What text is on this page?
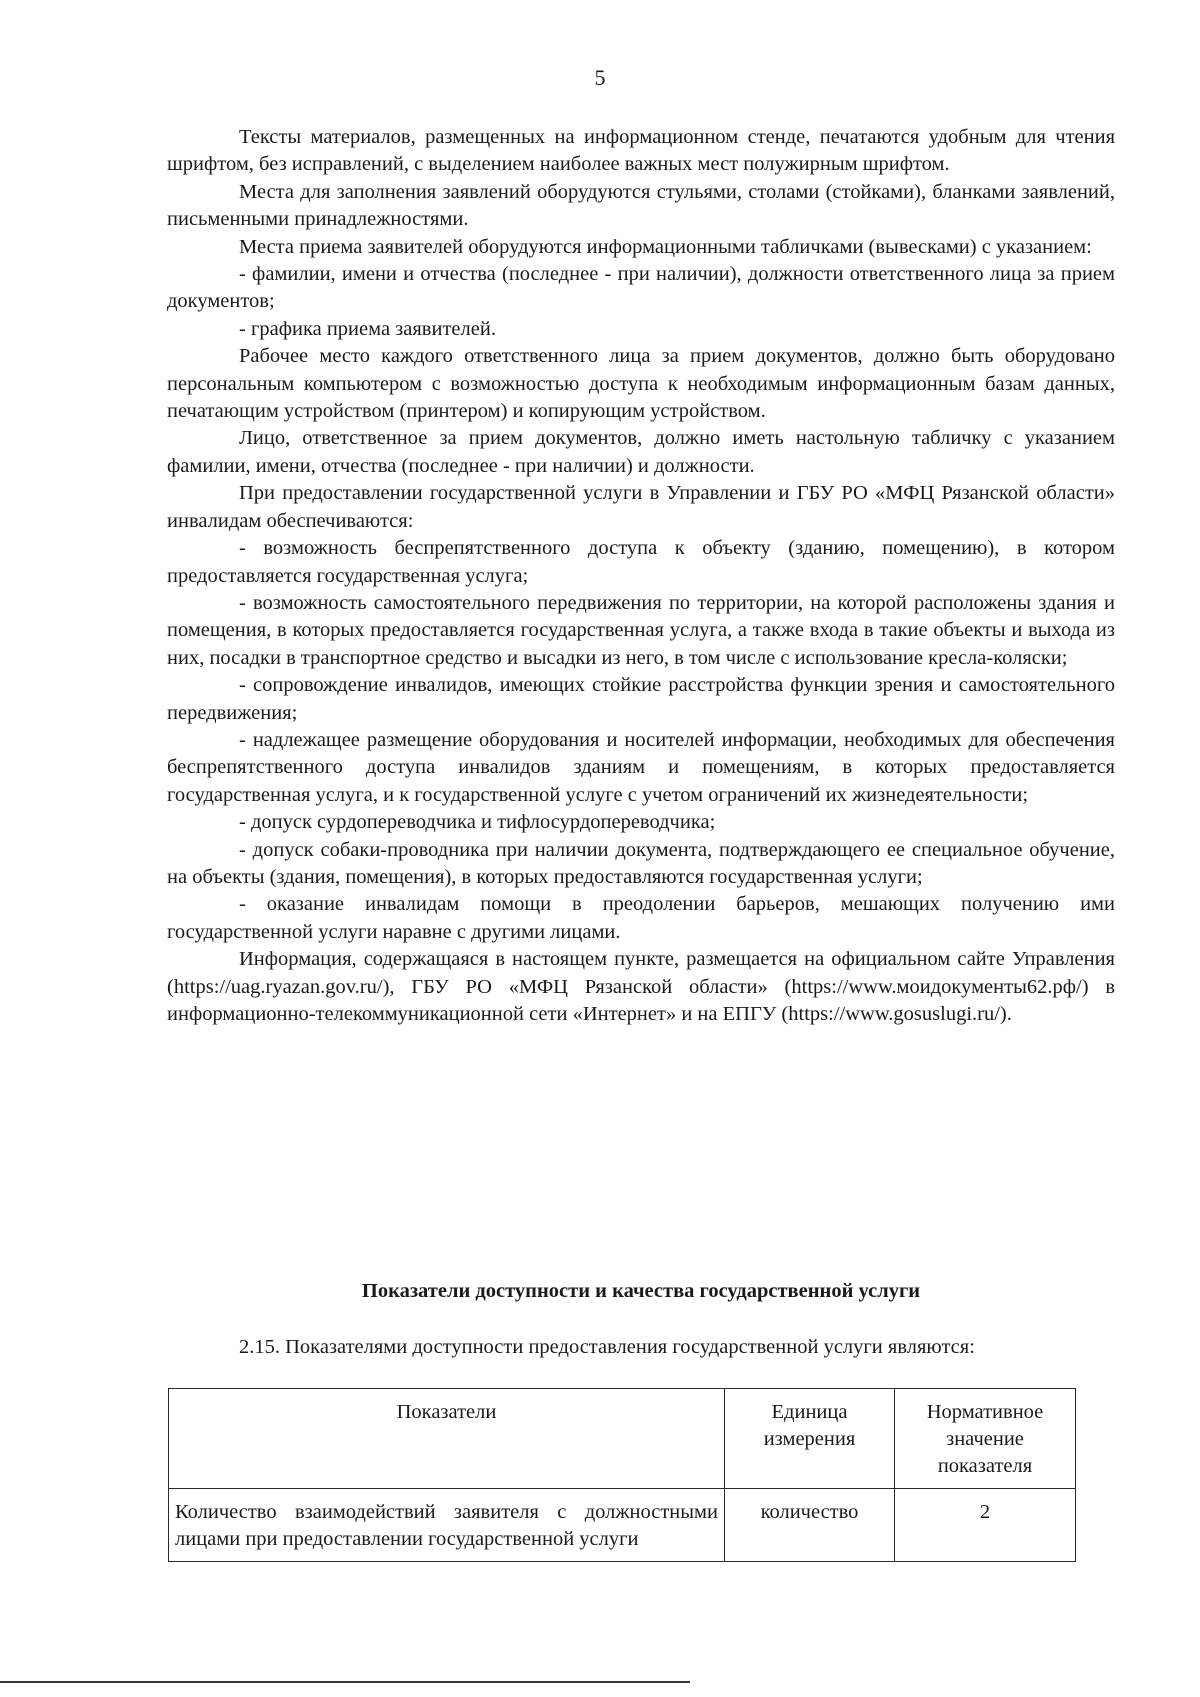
5

Тексты материалов, размещенных на информационном стенде, печатаются удобным для чтения шрифтом, без исправлений, с выделением наиболее важных мест полужирным шрифтом.

Места для заполнения заявлений оборудуются стульями, столами (стойками), бланками заявлений, письменными принадлежностями.

Места приема заявителей оборудуются информационными табличками (вывесками) с указанием:

- фамилии, имени и отчества (последнее - при наличии), должности ответственного лица за прием документов;

- графика приема заявителей.

Рабочее место каждого ответственного лица за прием документов, должно быть оборудовано персональным компьютером с возможностью доступа к необходимым информационным базам данных, печатающим устройством (принтером) и копирующим устройством.

Лицо, ответственное за прием документов, должно иметь настольную табличку с указанием фамилии, имени, отчества (последнее - при наличии) и должности.

При предоставлении государственной услуги в Управлении и ГБУ РО «МФЦ Рязанской области» инвалидам обеспечиваются:

- возможность беспрепятственного доступа к объекту (зданию, помещению), в котором предоставляется государственная услуга;

- возможность самостоятельного передвижения по территории, на которой расположены здания и помещения, в которых предоставляется государственная услуга, а также входа в такие объекты и выхода из них, посадки в транспортное средство и высадки из него, в том числе с использование кресла-коляски;

- сопровождение инвалидов, имеющих стойкие расстройства функции зрения и самостоятельного передвижения;

- надлежащее размещение оборудования и носителей информации, необходимых для обеспечения беспрепятственного доступа инвалидов зданиям и помещениям, в которых предоставляется государственная услуга, и к государственной услуге с учетом ограничений их жизнедеятельности;

- допуск сурдопереводчика и тифлосурдопереводчика;

- допуск собаки-проводника при наличии документа, подтверждающего ее специальное обучение, на объекты (здания, помещения), в которых предоставляются государственная услуги;

- оказание инвалидам помощи в преодолении барьеров, мешающих получению ими государственной услуги наравне с другими лицами.

Информация, содержащаяся в настоящем пункте, размещается на официальном сайте Управления (https://uag.ryazan.gov.ru/), ГБУ РО «МФЦ Рязанской области» (https://www.моидокументы62.рф/) в информационно-телекоммуникационной сети «Интернет» и на ЕПГУ (https://www.gosuslugi.ru/).

Показатели доступности и качества государственной услуги
2.15. Показателями доступности предоставления государственной услуги являются:
Показатели	Единица измерения	Нормативное значение показателя
Количество взаимодействий заявителя с должностными лицами при предоставлении государственной услуги	количество	2
